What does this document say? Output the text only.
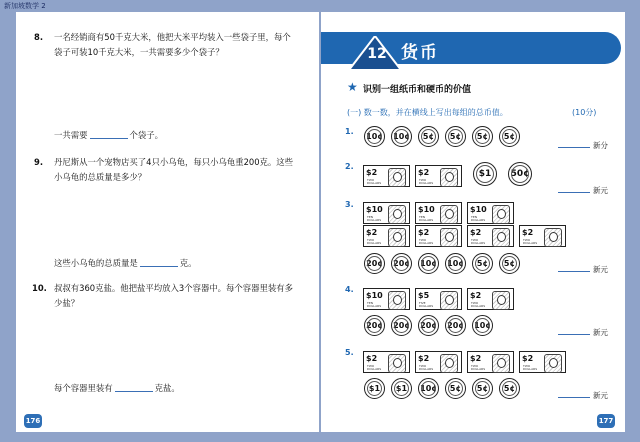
新加坡数学 2
8. 一名经销商有50千克大米，他把大米平均装入一些袋子里，每个
袋子可装10千克大米，一共需要多少个袋子？
一共需要	个袋子。
9. 丹尼斯从一个宠物店买了4只小乌龟，每只小乌龟重200克。这些
小乌龟的总质量是多少？
这些小乌龟的总质量是	克。
10. 叔叔有360克盐。他把盐平均放入3个容器中。每个容器里装有多
少盐？
每个容器里装有	克盐。
176
12 货币
★ 识别一组纸币和硬币的价值
(一) 数一数，并在横线上写出每组的总币值。	(10分)
1.
10¢ 10¢	5¢	5¢	5¢	5¢
新分
2.
$2
TWO DOLLARS
$2
TWO DOLLARS
$1	50¢
新元
3.
$10
TEN DOLLARS
$10
TEN DOLLARS
$10
TEN DOLLARS
$2
TWO DOLLARS
$2
TWO DOLLARS
$2
TWO DOLLARS
$2
TWO DOLLARS
20¢ 20¢ 10¢ 10¢	5¢	5¢
新元
4.
$10
TEN DOLLARS
$5
FIVE DOLLARS
$2
TWO DOLLARS
20¢ 20¢ 20¢ 20¢ 10¢
新元
5.
$2
TWO DOLLARS
$2
TWO DOLLARS
$2
TWO DOLLARS
$2
TWO DOLLARS
$1	$1	10¢	5¢	5¢	5¢
新元
177
